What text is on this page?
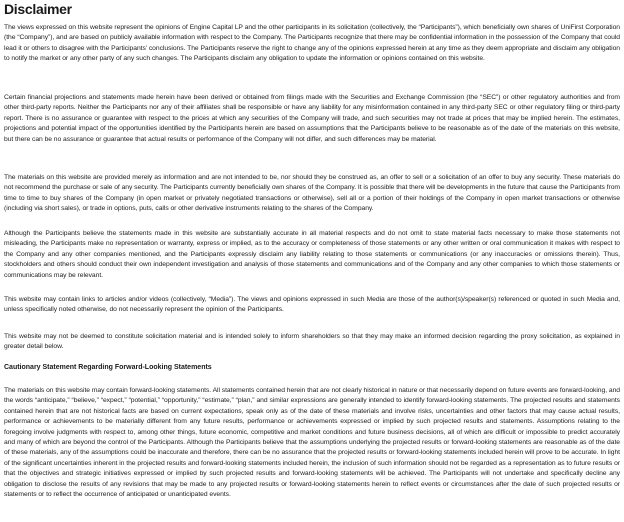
Disclaimer

The views expressed on this website represent the opinions of Engine Capital LP and the other participants in its solicitation (collectively, the “Participants”), which beneficially own shares of UniFirst Corporation (the “Company”), and are based on publicly available information with respect to the Company. The Participants recognize that there may be confidential information in the possession of the Company that could lead it or others to disagree with the Participants’ conclusions. The Participants reserve the right to change any of the opinions expressed herein at any time as they deem appropriate and disclaim any obligation to notify the market or any other party of any such changes. The Participants disclaim any obligation to update the information or opinions contained on this website.

Certain financial projections and statements made herein have been derived or obtained from filings made with the Securities and Exchange Commission (the “SEC”) or other regulatory authorities and from other third-party reports. Neither the Participants nor any of their affiliates shall be responsible or have any liability for any misinformation contained in any third-party SEC or other regulatory filing or third-party report. There is no assurance or guarantee with respect to the prices at which any securities of the Company will trade, and such securities may not trade at prices that may be implied herein. The estimates, projections and potential impact of the opportunities identified by the Participants herein are based on assumptions that the Participants believe to be reasonable as of the date of the materials on this website, but there can be no assurance or guarantee that actual results or performance of the Company will not differ, and such differences may be material.

The materials on this website are provided merely as information and are not intended to be, nor should they be construed as, an offer to sell or a solicitation of an offer to buy any security. These materials do not recommend the purchase or sale of any security. The Participants currently beneficially own shares of the Company. It is possible that there will be developments in the future that cause the Participants from time to time to buy shares of the Company (in open market or privately negotiated transactions or otherwise), sell all or a portion of their holdings of the Company in open market transactions or otherwise (including via short sales), or trade in options, puts, calls or other derivative instruments relating to the shares of the Company.

Although the Participants believe the statements made in this website are substantially accurate in all material respects and do not omit to state material facts necessary to make those statements not misleading, the Participants make no representation or warranty, express or implied, as to the accuracy or completeness of those statements or any other written or oral communication it makes with respect to the Company and any other companies mentioned, and the Participants expressly disclaim any liability relating to those statements or communications (or any inaccuracies or omissions therein). Thus, stockholders and others should conduct their own independent investigation and analysis of those statements and communications and of the Company and any other companies to which those statements or communications may be relevant.

This website may contain links to articles and/or videos (collectively, “Media”). The views and opinions expressed in such Media are those of the author(s)/speaker(s) referenced or quoted in such Media and, unless specifically noted otherwise, do not necessarily represent the opinion of the Participants.

This website may not be deemed to constitute solicitation material and is intended solely to inform shareholders so that they may make an informed decision regarding the proxy solicitation, as explained in greater detail below.

Cautionary Statement Regarding Forward-Looking Statements

The materials on this website may contain forward-looking statements. All statements contained herein that are not clearly historical in nature or that necessarily depend on future events are forward-looking, and the words “anticipate,” “believe,” “expect,” “potential,” “opportunity,” “estimate,” “plan,” and similar expressions are generally intended to identify forward-looking statements. The projected results and statements contained herein that are not historical facts are based on current expectations, speak only as of the date of these materials and involve risks, uncertainties and other factors that may cause actual results, performance or achievements to be materially different from any future results, performance or achievements expressed or implied by such projected results and statements. Assumptions relating to the foregoing involve judgments with respect to, among other things, future economic, competitive and market conditions and future business decisions, all of which are difficult or impossible to predict accurately and many of which are beyond the control of the Participants. Although the Participants believe that the assumptions underlying the projected results or forward-looking statements are reasonable as of the date of these materials, any of the assumptions could be inaccurate and therefore, there can be no assurance that the projected results or forward-looking statements included herein will prove to be accurate. In light of the significant uncertainties inherent in the projected results and forward-looking statements included herein, the inclusion of such information should not be regarded as a representation as to future results or that the objectives and strategic initiatives expressed or implied by such projected results and forward-looking statements will be achieved. The Participants will not undertake and specifically decline any obligation to disclose the results of any revisions that may be made to any projected results or forward-looking statements herein to reflect events or circumstances after the date of such projected results or statements or to reflect the occurrence of anticipated or unanticipated events.
